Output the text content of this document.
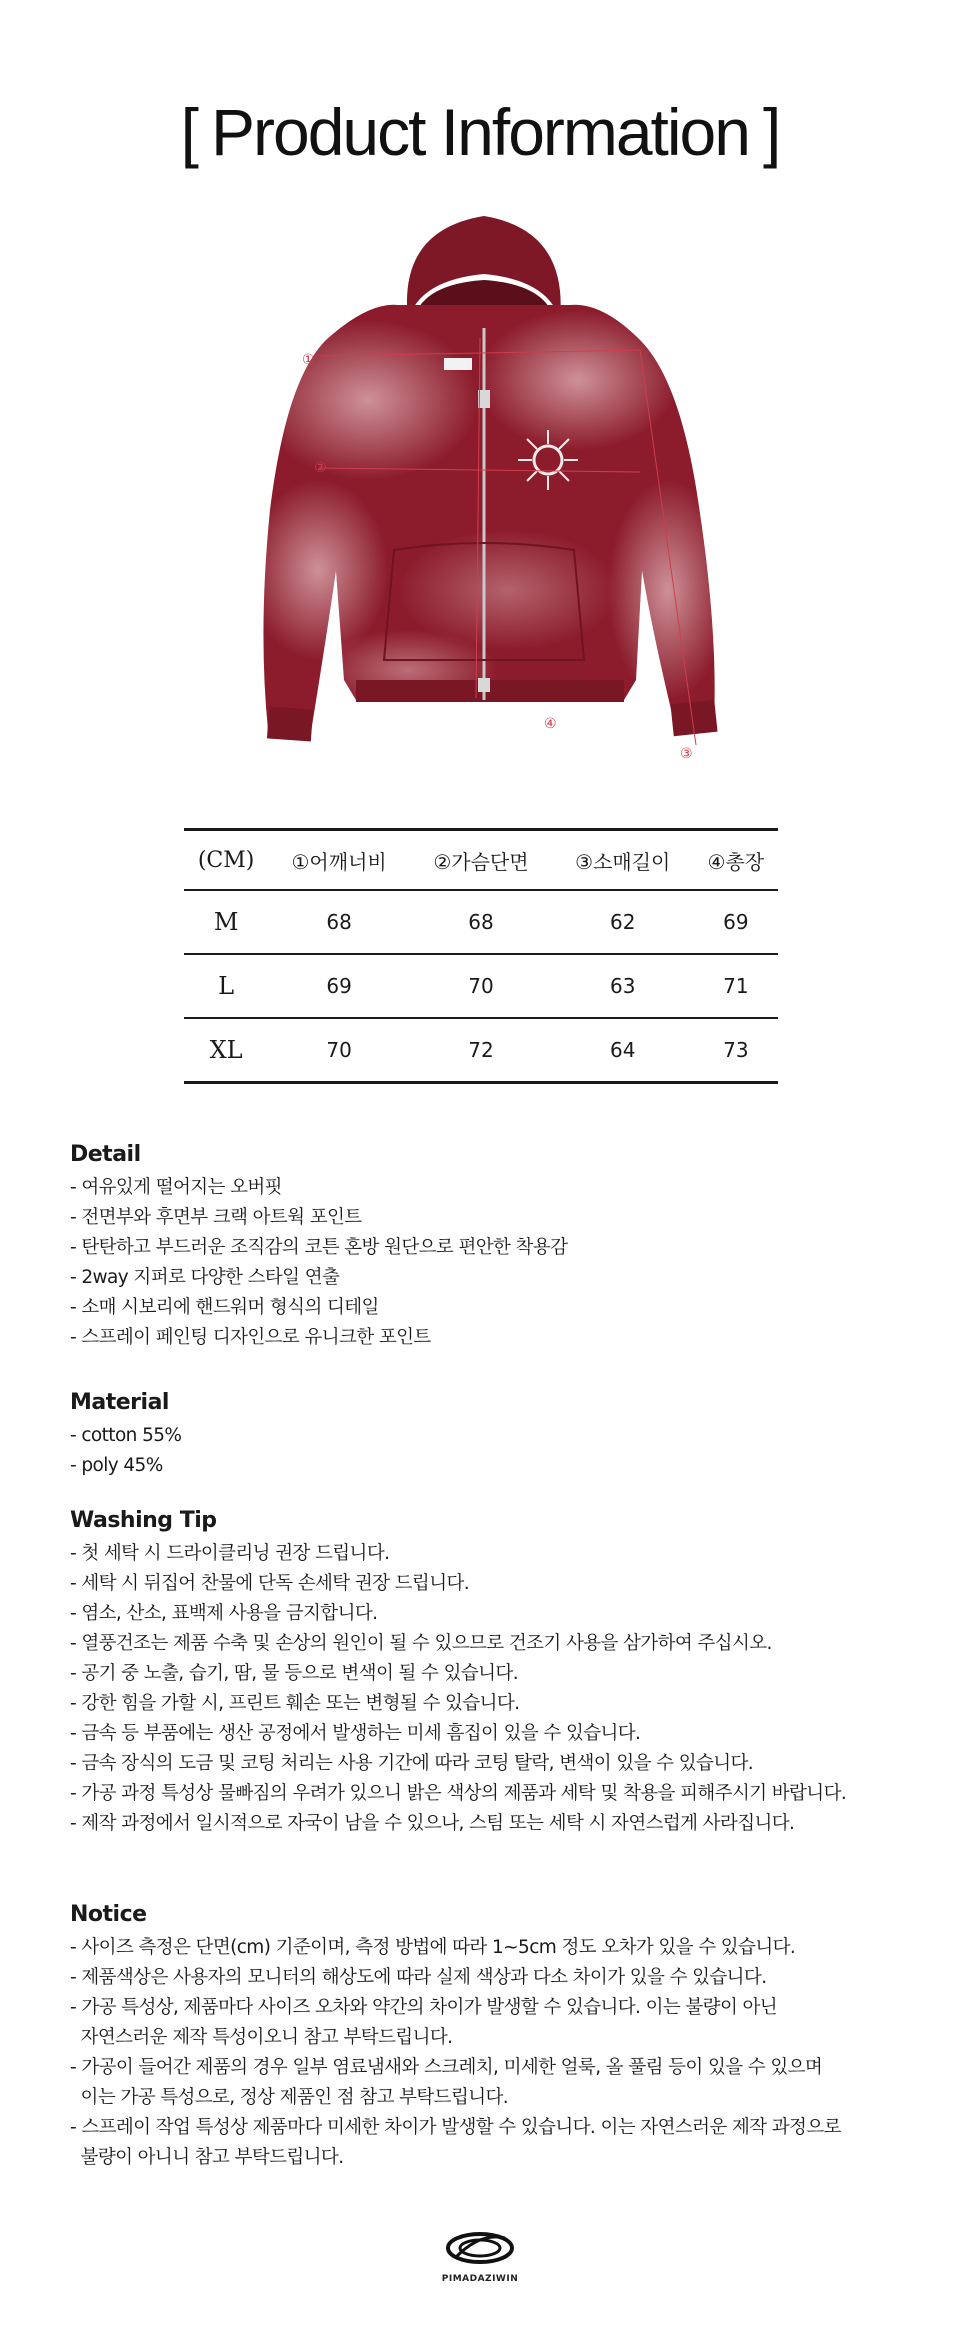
[ Product Information ]
①
②
③
④
(CM)	①어깨너비	②가슴단면	③소매길이	④총장
M	68	68	62	69
L	69	70	63	71
XL	70	72	64	73
Detail
- 여유있게 떨어지는 오버핏
- 전면부와 후면부 크랙 아트웍 포인트
- 탄탄하고 부드러운 조직감의 코튼 혼방 원단으로 편안한 착용감
- 2way 지퍼로 다양한 스타일 연출
- 소매 시보리에 핸드워머 형식의 디테일
- 스프레이 페인팅 디자인으로 유니크한 포인트
Material
- cotton 55%
- poly 45%
Washing Tip
- 첫 세탁 시 드라이클리닝 권장 드립니다.
- 세탁 시 뒤집어 찬물에 단독 손세탁 권장 드립니다.
- 염소, 산소, 표백제 사용을 금지합니다.
- 열풍건조는 제품 수축 및 손상의 원인이 될 수 있으므로 건조기 사용을 삼가하여 주십시오.
- 공기 중 노출, 습기, 땀, 물 등으로 변색이 될 수 있습니다.
- 강한 힘을 가할 시, 프린트 훼손 또는 변형될 수 있습니다.
- 금속 등 부품에는 생산 공정에서 발생하는 미세 흠집이 있을 수 있습니다.
- 금속 장식의 도금 및 코팅 처리는 사용 기간에 따라 코팅 탈락, 변색이 있을 수 있습니다.
- 가공 과정 특성상 물빠짐의 우려가 있으니 밝은 색상의 제품과 세탁 및 착용을 피해주시기 바랍니다.
- 제작 과정에서 일시적으로 자국이 남을 수 있으나, 스팀 또는 세탁 시 자연스럽게 사라집니다.
Notice
- 사이즈 측정은 단면(cm) 기준이며, 측정 방법에 따라 1~5cm 정도 오차가 있을 수 있습니다.
- 제품색상은 사용자의 모니터의 해상도에 따라 실제 색상과 다소 차이가 있을 수 있습니다.
- 가공 특성상, 제품마다 사이즈 오차와 약간의 차이가 발생할 수 있습니다. 이는 불량이 아닌
자연스러운 제작 특성이오니 참고 부탁드립니다.
- 가공이 들어간 제품의 경우 일부 염료냄새와 스크레치, 미세한 얼룩, 올 풀림 등이 있을 수 있으며
이는 가공 특성으로, 정상 제품인 점 참고 부탁드립니다.
- 스프레이 작업 특성상 제품마다 미세한 차이가 발생할 수 있습니다. 이는 자연스러운 제작 과정으로
불량이 아니니 참고 부탁드립니다.
PIMADAZIWIN
